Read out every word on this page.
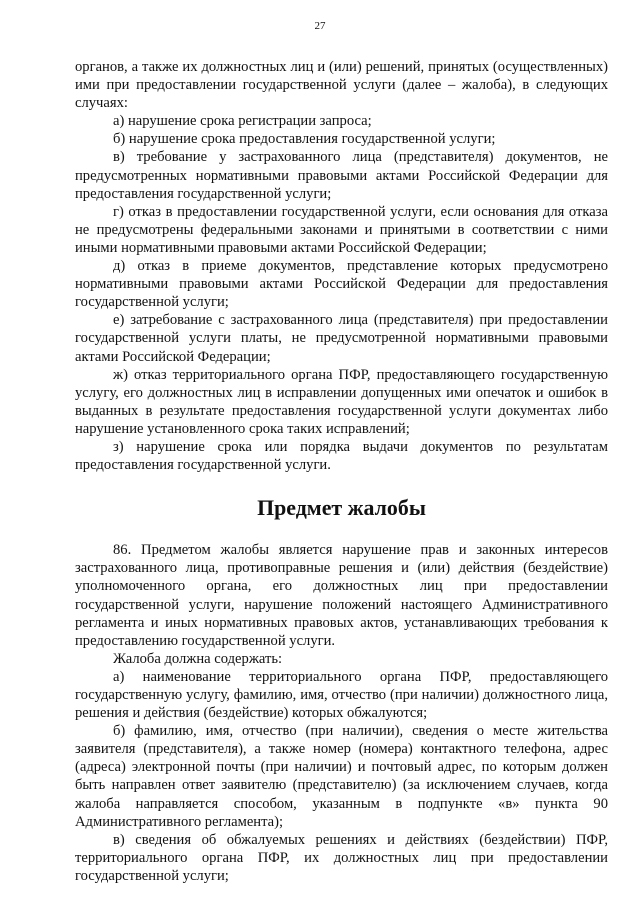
27

органов, а также их должностных лиц и (или) решений, принятых (осуществленных) ими при предоставлении государственной услуги (далее – жалоба), в следующих случаях:

а) нарушение срока регистрации запроса;

б) нарушение срока предоставления государственной услуги;

в) требование у застрахованного лица (представителя) документов, не предусмотренных нормативными правовыми актами Российской Федерации для предоставления государственной услуги;

г) отказ в предоставлении государственной услуги, если основания для отказа не предусмотрены федеральными законами и принятыми в соответствии с ними иными нормативными правовыми актами Российской Федерации;

д) отказ в приеме документов, представление которых предусмотрено нормативными правовыми актами Российской Федерации для предоставления государственной услуги;

е) затребование с застрахованного лица (представителя) при предоставлении государственной услуги платы, не предусмотренной нормативными правовыми актами Российской Федерации;

ж) отказ территориального органа ПФР, предоставляющего государственную услугу, его должностных лиц в исправлении допущенных ими опечаток и ошибок в выданных в результате предоставления государственной услуги документах либо нарушение установленного срока таких исправлений;

з) нарушение срока или порядка выдачи документов по результатам предоставления государственной услуги.

Предмет жалобы

86. Предметом жалобы является нарушение прав и законных интересов застрахованного лица, противоправные решения и (или) действия (бездействие) уполномоченного органа, его должностных лиц при предоставлении государственной услуги, нарушение положений настоящего Административного регламента и иных нормативных правовых актов, устанавливающих требования к предоставлению государственной услуги.

Жалоба должна содержать:

а) наименование территориального органа ПФР, предоставляющего государственную услугу, фамилию, имя, отчество (при наличии) должностного лица, решения и действия (бездействие) которых обжалуются;

б) фамилию, имя, отчество (при наличии), сведения о месте жительства заявителя (представителя), а также номер (номера) контактного телефона, адрес (адреса) электронной почты (при наличии) и почтовый адрес, по которым должен быть направлен ответ заявителю (представителю) (за исключением случаев, когда жалоба направляется способом, указанным в подпункте «в» пункта 90 Административного регламента);

в) сведения об обжалуемых решениях и действиях (бездействии) ПФР, территориального органа ПФР, их должностных лиц при предоставлении государственной услуги;
